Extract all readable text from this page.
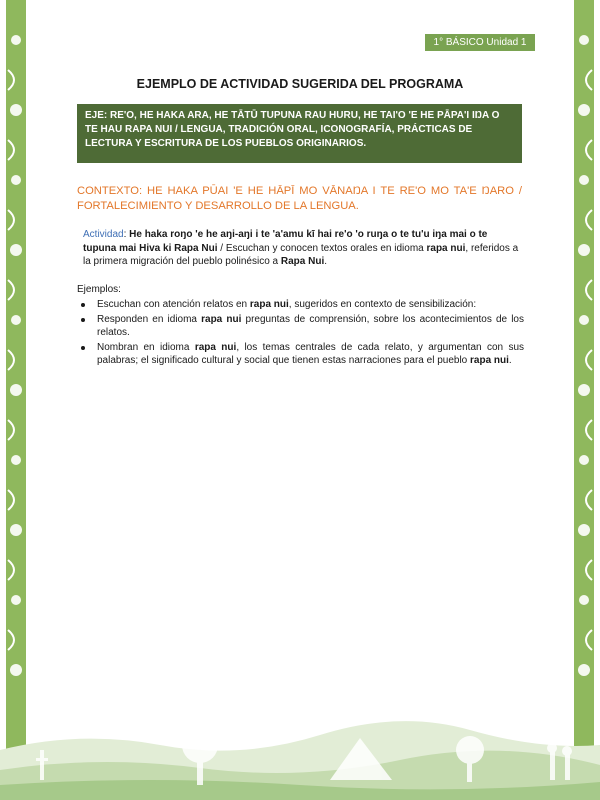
1° BÁSICO Unidad 1
EJEMPLO DE ACTIVIDAD SUGERIDA DEL PROGRAMA
EJE: RE'O, HE HAKA ARA, HE TĀTŪ TUPUNA RAU HURU, HE TAI'O 'E HE PĀPA'I IŊA O TE HAU RAPA NUI / LENGUA, TRADICIÓN ORAL, ICONOGRAFÍA, PRÁCTICAS DE LECTURA Y ESCRITURA DE LOS PUEBLOS ORIGINARIOS.
CONTEXTO: HE HAKA PŪAI 'E HE HĀPĪ MO VĀNAŊA I TE RE'O MO TA'E ŊARO / FORTALECIMIENTO Y DESARROLLO DE LA LENGUA.
Actividad: He haka roŋo 'e he aŋi-aŋi i te 'a'amu kī hai re'o 'o ruŋa o te tu'u iŋa mai o te tupuna mai Hiva ki Rapa Nui / Escuchan y conocen textos orales en idioma rapa nui, referidos a la primera migración del pueblo polinésico a Rapa Nui.
Ejemplos:
Escuchan con atención relatos en rapa nui, sugeridos en contexto de sensibilización:
Responden en idioma rapa nui preguntas de comprensión, sobre los acontecimientos de los relatos.
Nombran en idioma rapa nui, los temas centrales de cada relato, y argumentan con sus palabras; el significado cultural y social que tienen estas narraciones para el pueblo rapa nui.
